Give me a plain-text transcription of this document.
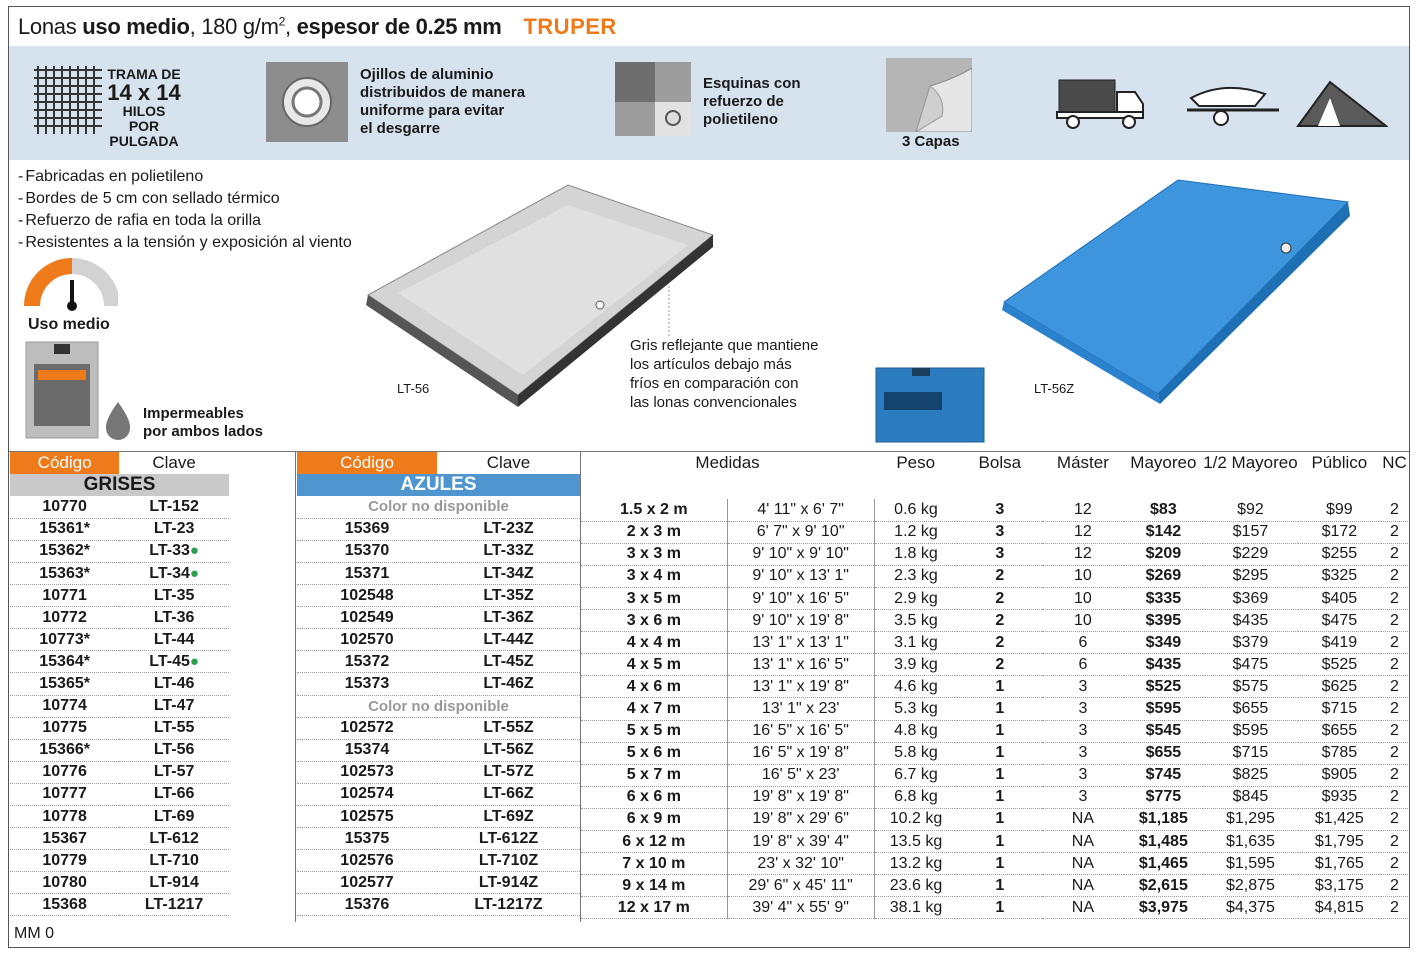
Lonas uso medio, 180 $g/m^2$, espesor de 0.25 mm TRUPER
TRAMA DE
14 x 14
HILOS POR
PULGADA
Ojillos de aluminio
distribuidos de manera
uniforme para evitar
el desgarre
Esquinas con
refuerzo de
polietileno
3 Capas
- Fabricadas en polietileno
- Bordes de 5 cm con sellado térmico
- Refuerzo de rafia en toda la orilla
- Resistentes a la tensión y exposición al viento
Uso medio
Impermeables
por ambos lados
LT-56
Gris reflejante que mantiene
los artículos debajo más
fríos en comparación con
las lonas convencionales
LT-56Z
Código	Clave
GRISES	
10770	LT-152
15361*	LT-23
15362*	LT-33●
15363*	LT-34●
10771	LT-35
10772	LT-36
10773*	LT-44
15364*	LT-45●
15365*	LT-46
10774	LT-47
10775	LT-55
15366*	LT-56
10776	LT-57
10777	LT-66
10778	LT-69
15367	LT-612
10779	LT-710
10780	LT-914
15368	LT-1217
Código	Clave
AZULES	
Color no disponible	
15369	LT-23Z
15370	LT-33Z
15371	LT-34Z
102548	LT-35Z
102549	LT-36Z
102570	LT-44Z
15372	LT-45Z
15373	LT-46Z
Color no disponible	
102572	LT-55Z
15374	LT-56Z
102573	LT-57Z
102574	LT-66Z
102575	LT-69Z
15375	LT-612Z
102576	LT-710Z
102577	LT-914Z
15376	LT-1217Z
Medidas		Peso	Bolsa	Máster	Mayoreo	1/2 Mayoreo	Público	NC

1.5 x 2 m	4' 11" x 6' 7"	0.6 kg	3	12	$83	$92	$99	2
2 x 3 m	6' 7" x 9' 10"	1.2 kg	3	12	$142	$157	$172	2
3 x 3 m	9' 10" x 9' 10"	1.8 kg	3	12	$209	$229	$255	2
3 x 4 m	9' 10" x 13' 1"	2.3 kg	2	10	$269	$295	$325	2
3 x 5 m	9' 10" x 16' 5"	2.9 kg	2	10	$335	$369	$405	2
3 x 6 m	9' 10" x 19' 8"	3.5 kg	2	10	$395	$435	$475	2
4 x 4 m	13' 1" x 13' 1"	3.1 kg	2	6	$349	$379	$419	2
4 x 5 m	13' 1" x 16' 5"	3.9 kg	2	6	$435	$475	$525	2
4 x 6 m	13' 1" x 19' 8"	4.6 kg	1	3	$525	$575	$625	2
4 x 7 m	13' 1" x 23'	5.3 kg	1	3	$595	$655	$715	2
5 x 5 m	16' 5" x 16' 5"	4.8 kg	1	3	$545	$595	$655	2
5 x 6 m	16' 5" x 19' 8"	5.8 kg	1	3	$655	$715	$785	2
5 x 7 m	16' 5" x 23'	6.7 kg	1	3	$745	$825	$905	2
6 x 6 m	19' 8" x 19' 8"	6.8 kg	1	3	$775	$845	$935	2
6 x 9 m	19' 8" x 29' 6"	10.2 kg	1	NA	$1,185	$1,295	$1,425	2
6 x 12 m	19' 8" x 39' 4"	13.5 kg	1	NA	$1,485	$1,635	$1,795	2
7 x 10 m	23' x 32' 10"	13.2 kg	1	NA	$1,465	$1,595	$1,765	2
9 x 14 m	29' 6" x 45' 11"	23.6 kg	1	NA	$2,615	$2,875	$3,175	2
12 x 17 m	39' 4" x 55' 9"	38.1 kg	1	NA	$3,975	$4,375	$4,815	2
MM 0
